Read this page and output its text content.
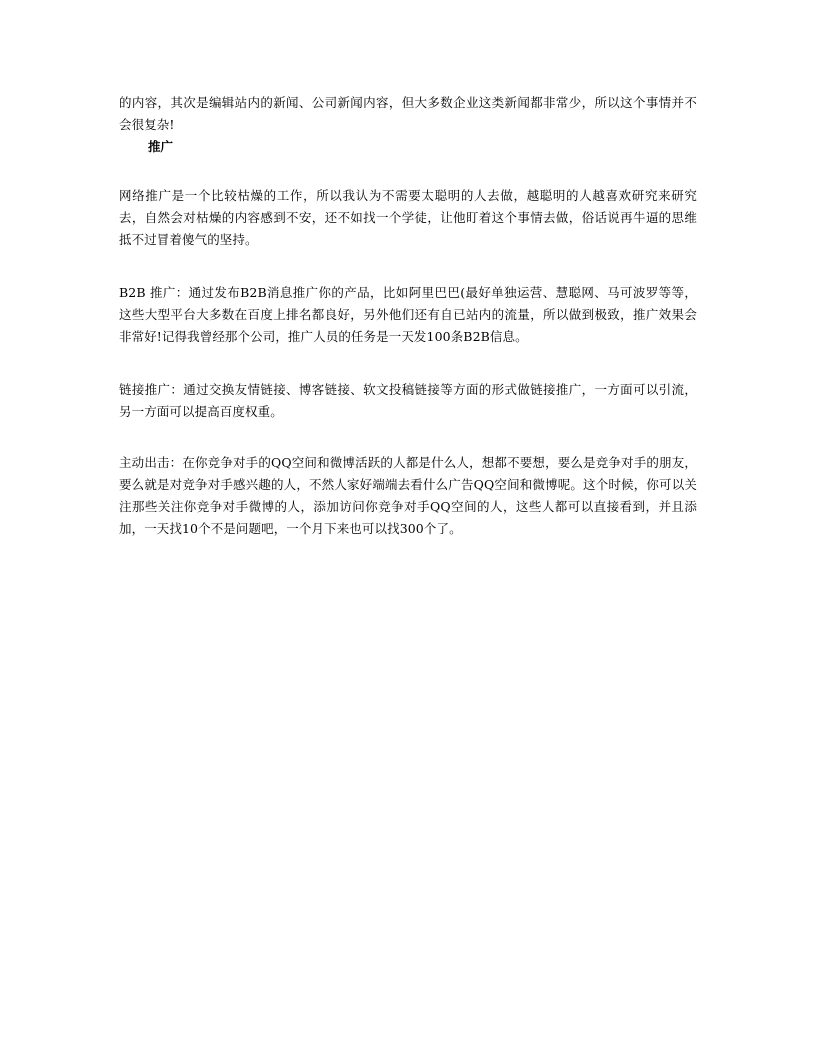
的内容，其次是编辑站内的新闻、公司新闻内容，但大多数企业这类新闻都非常少，所以这个事情并不会很复杂!

推广

网络推广是一个比较枯燥的工作，所以我认为不需要太聪明的人去做，越聪明的人越喜欢研究来研究去，自然会对枯燥的内容感到不安，还不如找一个学徒，让他盯着这个事情去做，俗话说再牛逼的思维抵不过冒着傻气的坚持。

B2B 推广：通过发布B2B消息推广你的产品，比如阿里巴巴(最好单独运营、慧聪网、马可波罗等等，这些大型平台大多数在百度上排名都良好，另外他们还有自已站内的流量，所以做到极致，推广效果会非常好!记得我曾经那个公司，推广人员的任务是一天发100条B2B信息。

链接推广：通过交换友情链接、博客链接、软文投稿链接等方面的形式做链接推广，一方面可以引流，另一方面可以提高百度权重。

主动出击：在你竞争对手的QQ空间和微博活跃的人都是什么人，想都不要想，要么是竞争对手的朋友，要么就是对竞争对手感兴趣的人，不然人家好端端去看什么广告QQ空间和微博呢。这个时候，你可以关注那些关注你竞争对手微博的人，添加访问你竞争对手QQ空间的人，这些人都可以直接看到，并且添加，一天找10个不是问题吧，一个月下来也可以找300个了。
